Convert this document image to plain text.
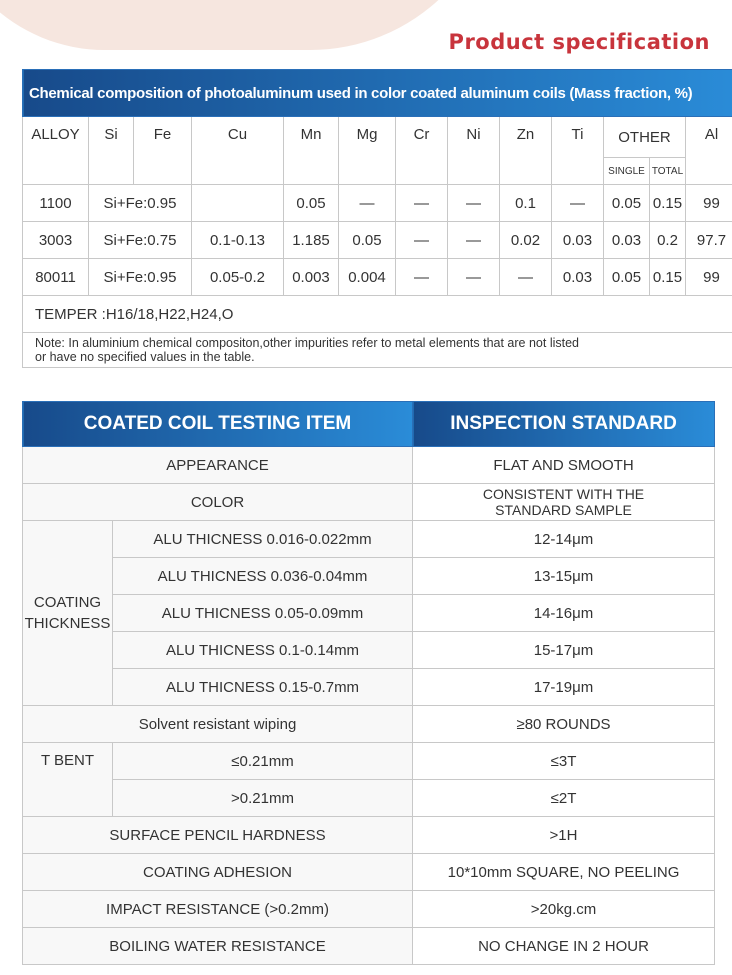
Product specification
Chemical composition of photoaluminum used in color coated aluminum coils (Mass fraction, %)												
ALLOY	Si	Fe	Cu	Mn	Mg	Cr	Ni	Zn	Ti	OTHER		Al
										SINGLE	TOTAL	
1100	Si+Fe:0.95			0.05	—	—	—	0.1	—	0.05	0.15	99
3003	Si+Fe:0.75		0.1-0.13	1.185	0.05	—	—	0.02	0.03	0.03	0.2	97.7
80011	Si+Fe:0.95		0.05-0.2	0.003	0.004	—	—	—	0.03	0.05	0.15	99
TEMPER :H16/18,H22,H24,O												

Note: In aluminium chemical compositon,other impurities refer to metal elements that are not listed
or have no specified values in the table.												
COATED COIL TESTING ITEM		INSPECTION STANDARD
APPEARANCE		FLAT AND SMOOTH
COLOR		CONSISTENT WITH THE
STANDARD SAMPLE

COATING
THICKNESS	ALU THICNESS 0.016-0.022mm	12-14μm
	ALU THICNESS 0.036-0.04mm	13-15μm
	ALU THICNESS 0.05-0.09mm	14-16μm
	ALU THICNESS 0.1-0.14mm	15-17μm
	ALU THICNESS 0.15-0.7mm	17-19μm
Solvent resistant wiping		≥80 ROUNDS
T BENT	≤0.21mm	≤3T
	>0.21mm	≤2T
SURFACE PENCIL HARDNESS		>1H
COATING ADHESION		10*10mm SQUARE, NO PEELING
IMPACT RESISTANCE (>0.2mm)		>20kg.cm
BOILING WATER RESISTANCE		NO CHANGE IN 2 HOUR
